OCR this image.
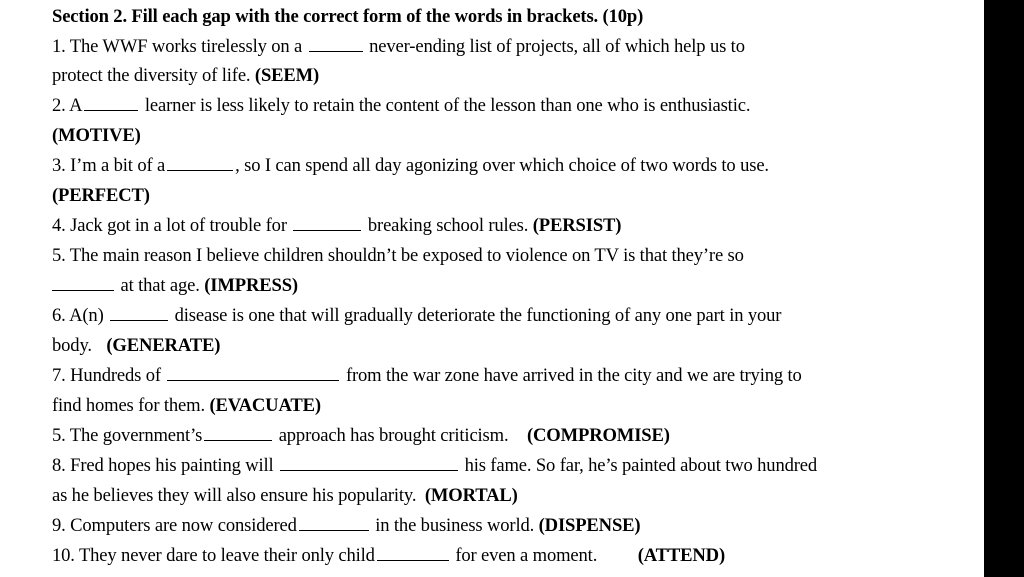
Section 2. Fill each gap with the correct form of the words in brackets. (10p)
1. The WWF works tirelessly on a	never-ending list of projects, all of which help us to
protect the diversity of life. (SEEM)
2. A	learner is less likely to retain the content of the lesson than one who is enthusiastic.
(MOTIVE)
3. I’m a bit of a	, so I can spend all day agonizing over which choice of two words to use.
(PERFECT)
4. Jack got in a lot of trouble for	breaking school rules. (PERSIST)
5. The main reason I believe children shouldn’t be exposed to violence on TV is that they’re so
at that age. (IMPRESS)
6. A(n)	disease is one that will gradually deteriorate the functioning of any one part in your
body. (GENERATE)
7. Hundreds of	from the war zone have arrived in the city and we are trying to
find homes for them. (EVACUATE)
5. The government’s	approach has brought criticism. (COMPROMISE)
8. Fred hopes his painting will	his fame. So far, he’s painted about two hundred
as he believes they will also ensure his popularity. (MORTAL)
9. Computers are now considered	in the business world. (DISPENSE)
10. They never dare to leave their only child	for even a moment. (ATTEND)
